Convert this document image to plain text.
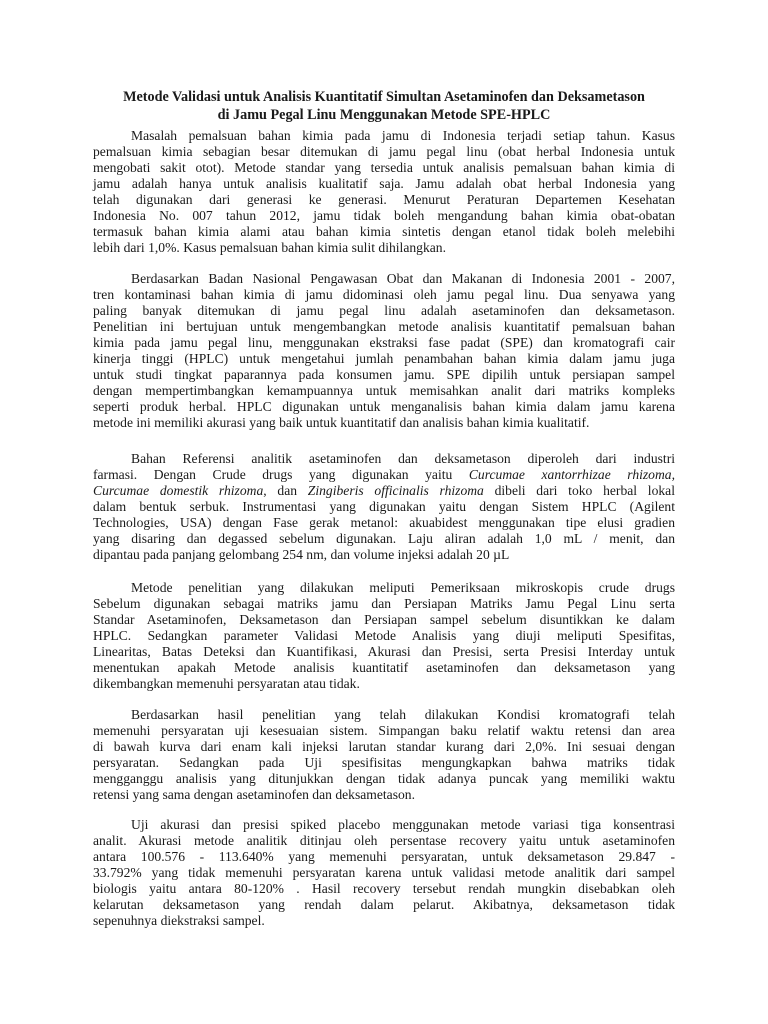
Metode Validasi untuk Analisis Kuantitatif Simultan Asetaminofen dan Deksametason
di Jamu Pegal Linu Menggunakan Metode SPE-HPLC
Masalah pemalsuan bahan kimia pada jamu di Indonesia terjadi setiap tahun. Kasus
pemalsuan kimia sebagian besar ditemukan di jamu pegal linu (obat herbal Indonesia untuk
mengobati sakit otot). Metode standar yang tersedia untuk analisis pemalsuan bahan kimia di
jamu adalah hanya untuk analisis kualitatif saja. Jamu adalah obat herbal Indonesia yang
telah digunakan dari generasi ke generasi. Menurut Peraturan Departemen Kesehatan
Indonesia No. 007 tahun 2012, jamu tidak boleh mengandung bahan kimia obat-obatan
termasuk bahan kimia alami atau bahan kimia sintetis dengan etanol tidak boleh melebihi
lebih dari 1,0%. Kasus pemalsuan bahan kimia sulit dihilangkan.
Berdasarkan Badan Nasional Pengawasan Obat dan Makanan di Indonesia 2001 - 2007,
tren kontaminasi bahan kimia di jamu didominasi oleh jamu pegal linu. Dua senyawa yang
paling banyak ditemukan di jamu pegal linu adalah asetaminofen dan deksametason.
Penelitian ini bertujuan untuk mengembangkan metode analisis kuantitatif pemalsuan bahan
kimia pada jamu pegal linu, menggunakan ekstraksi fase padat (SPE) dan kromatografi cair
kinerja tinggi (HPLC) untuk mengetahui jumlah penambahan bahan kimia dalam jamu juga
untuk studi tingkat paparannya pada konsumen jamu. SPE dipilih untuk persiapan sampel
dengan mempertimbangkan kemampuannya untuk memisahkan analit dari matriks kompleks
seperti produk herbal. HPLC digunakan untuk menganalisis bahan kimia dalam jamu karena
metode ini memiliki akurasi yang baik untuk kuantitatif dan analisis bahan kimia kualitatif.
Bahan Referensi analitik asetaminofen dan deksametason diperoleh dari industri
farmasi. Dengan Crude drugs yang digunakan yaitu Curcumae xantorrhizae rhizoma,
Curcumae domestik rhizoma, dan Zingiberis officinalis rhizoma dibeli dari toko herbal lokal
dalam bentuk serbuk. Instrumentasi yang digunakan yaitu dengan Sistem HPLC (Agilent
Technologies, USA) dengan Fase gerak metanol: akuabidest menggunakan tipe elusi gradien
yang disaring dan degassed sebelum digunakan. Laju aliran adalah 1,0 mL / menit, dan
dipantau pada panjang gelombang 254 nm, dan volume injeksi adalah 20 µL
Metode penelitian yang dilakukan meliputi Pemeriksaan mikroskopis crude drugs
Sebelum digunakan sebagai matriks jamu dan Persiapan Matriks Jamu Pegal Linu serta
Standar Asetaminofen, Deksametason dan Persiapan sampel sebelum disuntikkan ke dalam
HPLC. Sedangkan parameter Validasi Metode Analisis yang diuji meliputi Spesifitas,
Linearitas, Batas Deteksi dan Kuantifikasi, Akurasi dan Presisi, serta Presisi Interday untuk
menentukan apakah Metode analisis kuantitatif asetaminofen dan deksametason yang
dikembangkan memenuhi persyaratan atau tidak.
Berdasarkan hasil penelitian yang telah dilakukan Kondisi kromatografi telah
memenuhi persyaratan uji kesesuaian sistem. Simpangan baku relatif waktu retensi dan area
di bawah kurva dari enam kali injeksi larutan standar kurang dari 2,0%. Ini sesuai dengan
persyaratan. Sedangkan pada Uji spesifisitas mengungkapkan bahwa matriks tidak
mengganggu analisis yang ditunjukkan dengan tidak adanya puncak yang memiliki waktu
retensi yang sama dengan asetaminofen dan deksametason.
Uji akurasi dan presisi spiked placebo menggunakan metode variasi tiga konsentrasi
analit. Akurasi metode analitik ditinjau oleh persentase recovery yaitu untuk asetaminofen
antara 100.576 - 113.640% yang memenuhi persyaratan, untuk deksametason 29.847 -
33.792% yang tidak memenuhi persyaratan karena untuk validasi metode analitik dari sampel
biologis yaitu antara 80-120% . Hasil recovery tersebut rendah mungkin disebabkan oleh
kelarutan deksametason yang rendah dalam pelarut. Akibatnya, deksametason tidak
sepenuhnya diekstraksi sampel.
